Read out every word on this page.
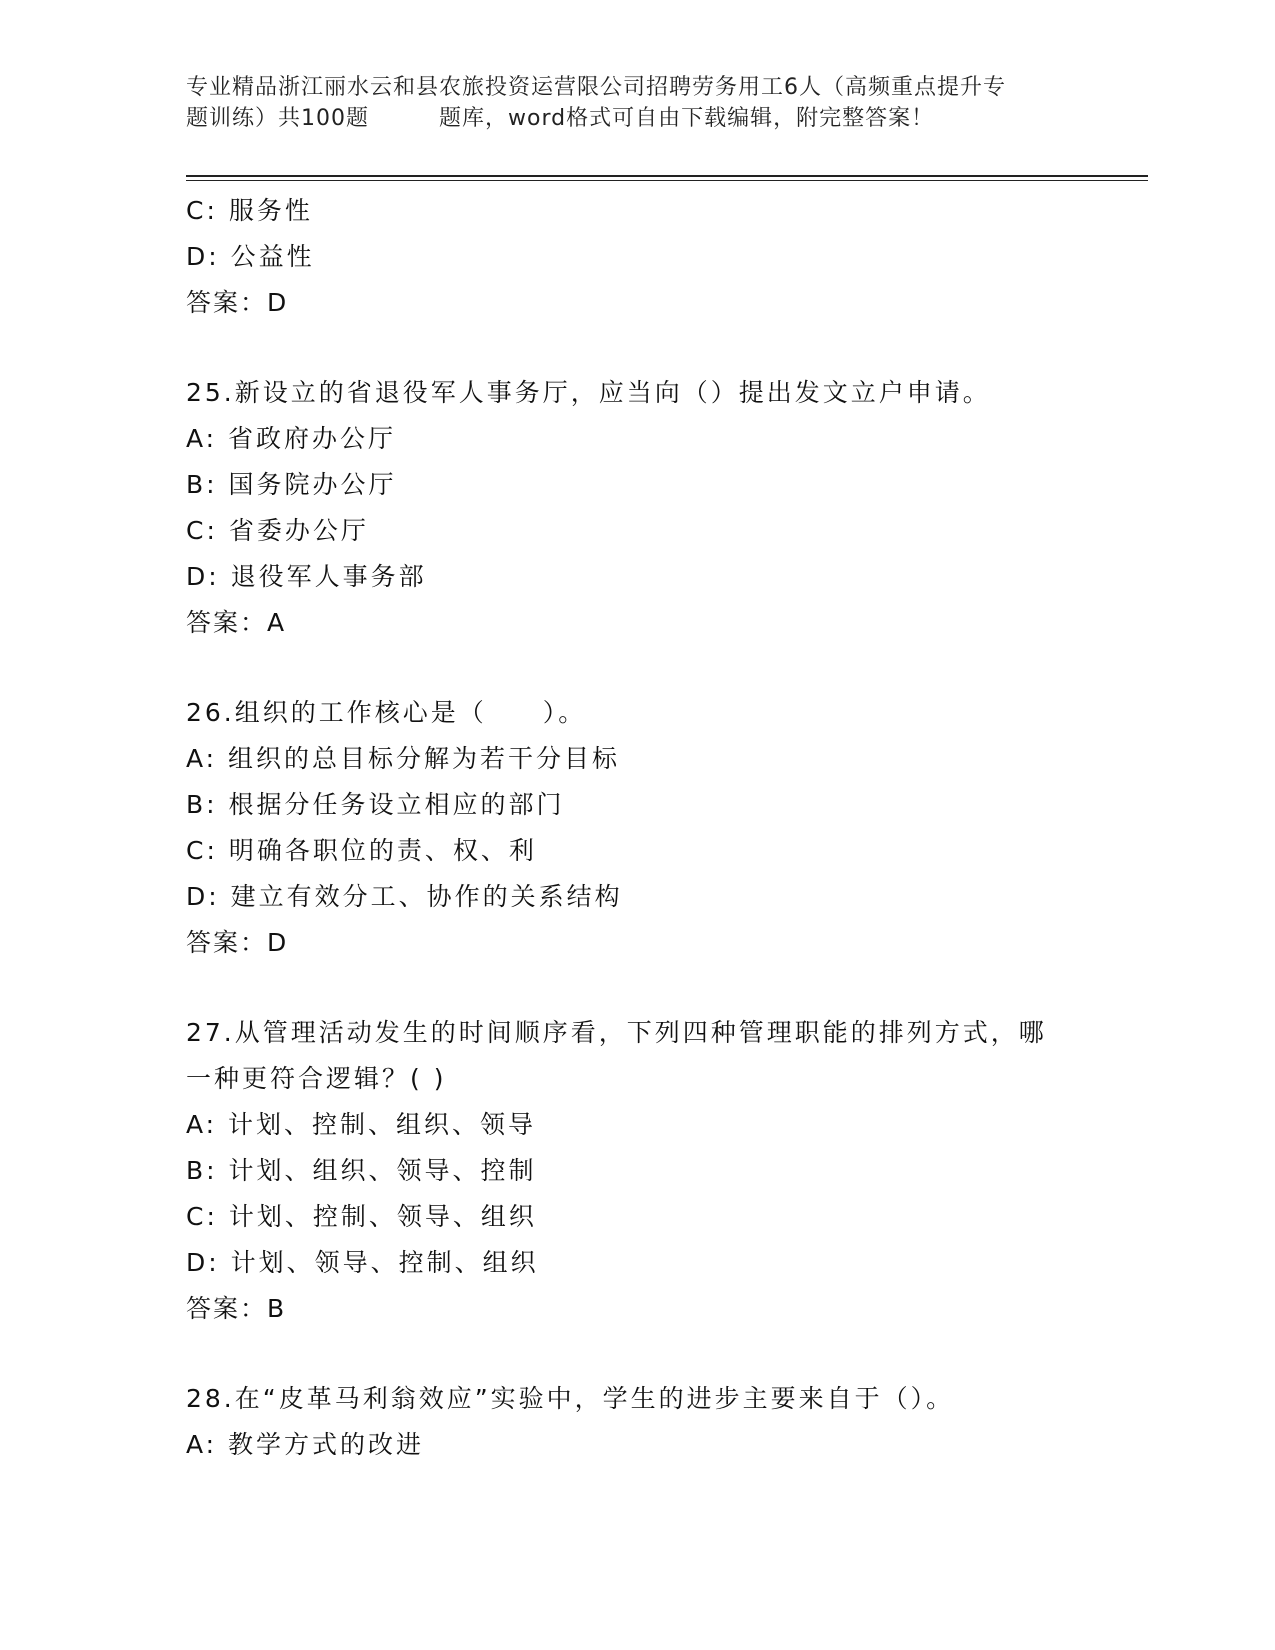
专业精品浙江丽水云和县农旅投资运营限公司招聘劳务用工6人（高频重点提升专
题训练）共100题	题库，word格式可自由下载编辑，附完整答案！
C: 服务性
D: 公益性
答案：D
25.新设立的省退役军人事务厅，应当向（）提出发文立户申请。
A: 省政府办公厅
B: 国务院办公厅
C: 省委办公厅
D: 退役军人事务部
答案：A
26.组织的工作核心是（　　）。
A: 组织的总目标分解为若干分目标
B: 根据分任务设立相应的部门
C: 明确各职位的责、权、利
D: 建立有效分工、协作的关系结构
答案：D
27.从管理活动发生的时间顺序看，下列四种管理职能的排列方式，哪
一种更符合逻辑？( )
A: 计划、控制、组织、领导
B: 计划、组织、领导、控制
C: 计划、控制、领导、组织
D: 计划、领导、控制、组织
答案：B
28.在“皮革马利翁效应”实验中，学生的进步主要来自于（）。
A: 教学方式的改进
